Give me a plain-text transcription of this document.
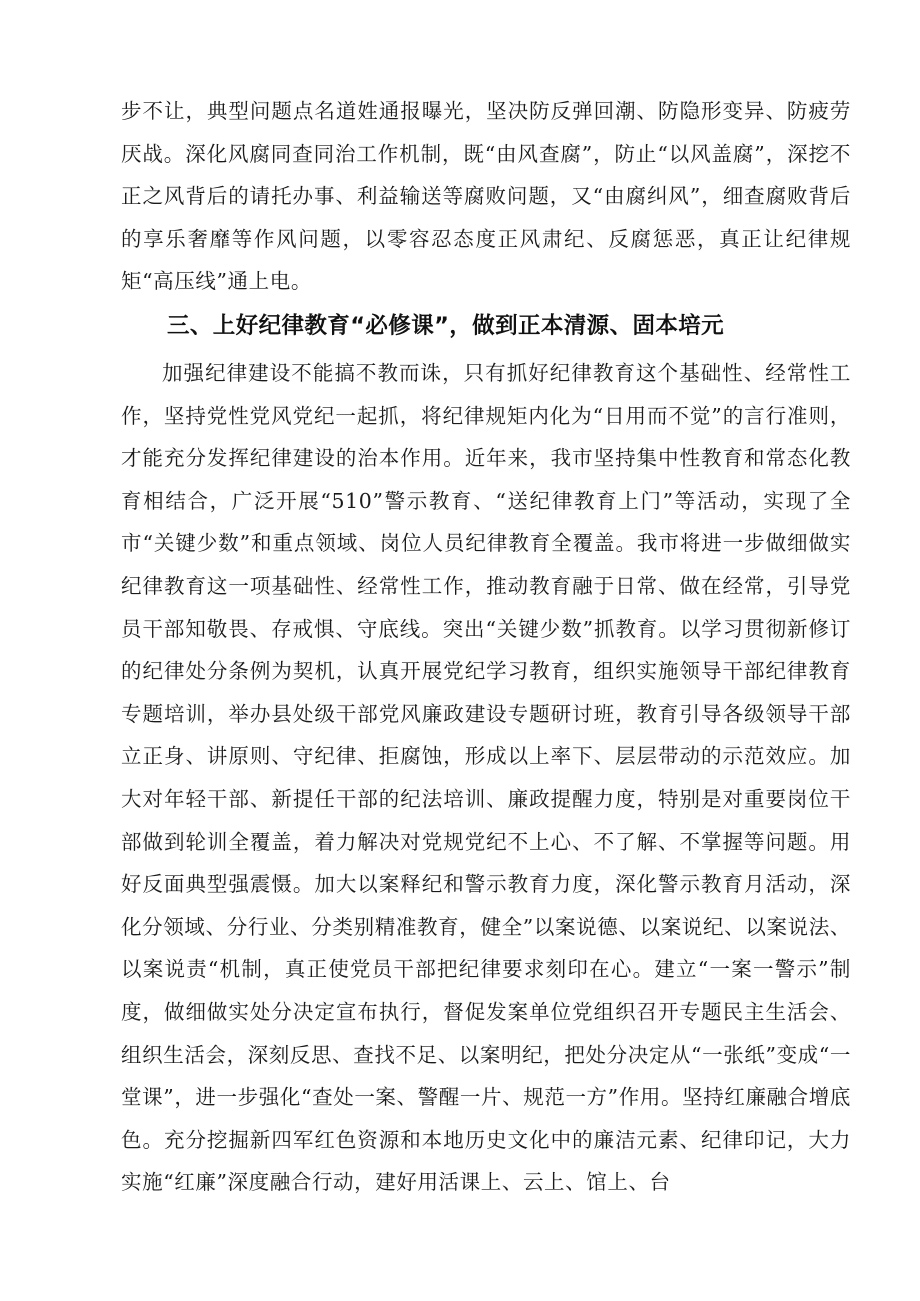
步不让，典型问题点名道姓通报曝光，坚决防反弹回潮、防隐形变异、防疲劳厌战。深化风腐同查同治工作机制，既“由风查腐”，防止“以风盖腐”，深挖不正之风背后的请托办事、利益输送等腐败问题，又“由腐纠风”，细查腐败背后的享乐奢靡等作风问题，以零容忍态度正风肃纪、反腐惩恶，真正让纪律规矩“高压线”通上电。

三、上好纪律教育“必修课”，做到正本清源、固本培元

加强纪律建设不能搞不教而诛，只有抓好纪律教育这个基础性、经常性工作，坚持党性党风党纪一起抓，将纪律规矩内化为“日用而不觉”的言行准则，才能充分发挥纪律建设的治本作用。近年来，我市坚持集中性教育和常态化教育相结合，广泛开展“510”警示教育、“送纪律教育上门”等活动，实现了全市“关键少数”和重点领域、岗位人员纪律教育全覆盖。我市将进一步做细做实纪律教育这一项基础性、经常性工作，推动教育融于日常、做在经常，引导党员干部知敬畏、存戒惧、守底线。突出“关键少数”抓教育。以学习贯彻新修订的纪律处分条例为契机，认真开展党纪学习教育，组织实施领导干部纪律教育专题培训，举办县处级干部党风廉政建设专题研讨班，教育引导各级领导干部立正身、讲原则、守纪律、拒腐蚀，形成以上率下、层层带动的示范效应。加大对年轻干部、新提任干部的纪法培训、廉政提醒力度，特别是对重要岗位干部做到轮训全覆盖，着力解决对党规党纪不上心、不了解、不掌握等问题。用好反面典型强震慑。加大以案释纪和警示教育力度，深化警示教育月活动，深化分领域、分行业、分类别精准教育，健全”以案说德、以案说纪、以案说法、以案说责“机制，真正使党员干部把纪律要求刻印在心。建立“一案一警示”制度，做细做实处分决定宣布执行，督促发案单位党组织召开专题民主生活会、组织生活会，深刻反思、查找不足、以案明纪，把处分决定从“一张纸”变成“一堂课”，进一步强化“查处一案、警醒一片、规范一方”作用。坚持红廉融合增底色。充分挖掘新四军红色资源和本地历史文化中的廉洁元素、纪律印记，大力实施“红廉”深度融合行动，建好用活课上、云上、馆上、台
